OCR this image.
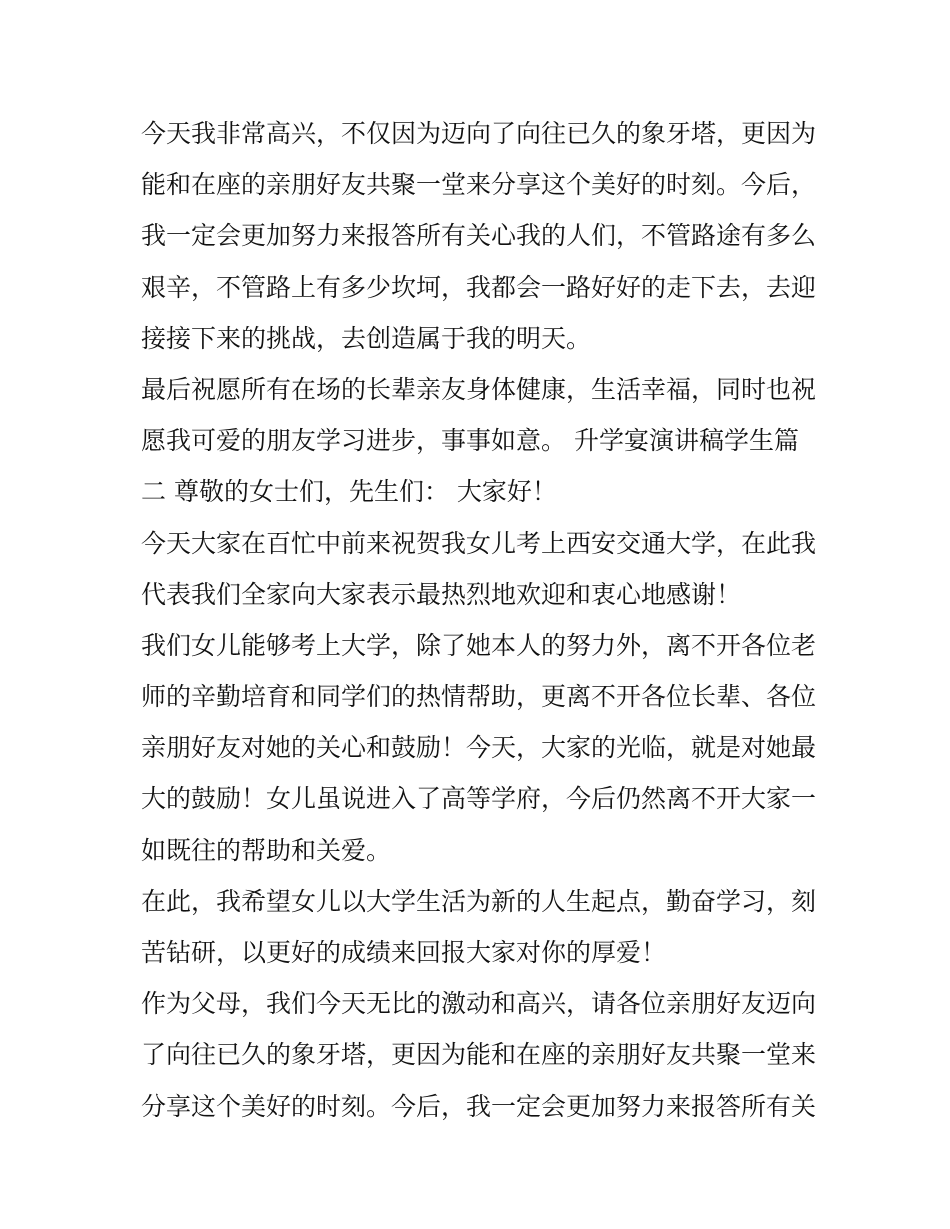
今天我非常高兴，不仅因为迈向了向往已久的象牙塔，更因为
能和在座的亲朋好友共聚一堂来分享这个美好的时刻。今后，
我一定会更加努力来报答所有关心我的人们，不管路途有多么
艰辛，不管路上有多少坎坷，我都会一路好好的走下去，去迎
接接下来的挑战，去创造属于我的明天。
最后祝愿所有在场的长辈亲友身体健康，生活幸福，同时也祝
愿我可爱的朋友学习进步，事事如意。 升学宴演讲稿学生篇
二 尊敬的女士们，先生们： 大家好！
今天大家在百忙中前来祝贺我女儿考上西安交通大学，在此我
代表我们全家向大家表示最热烈地欢迎和衷心地感谢！
我们女儿能够考上大学，除了她本人的努力外，离不开各位老
师的辛勤培育和同学们的热情帮助，更离不开各位长辈、各位
亲朋好友对她的关心和鼓励！今天，大家的光临，就是对她最
大的鼓励！女儿虽说进入了高等学府，今后仍然离不开大家一
如既往的帮助和关爱。
在此，我希望女儿以大学生活为新的人生起点，勤奋学习，刻
苦钻研，以更好的成绩来回报大家对你的厚爱！
作为父母，我们今天无比的激动和高兴，请各位亲朋好友迈向
了向往已久的象牙塔，更因为能和在座的亲朋好友共聚一堂来
分享这个美好的时刻。今后，我一定会更加努力来报答所有关
